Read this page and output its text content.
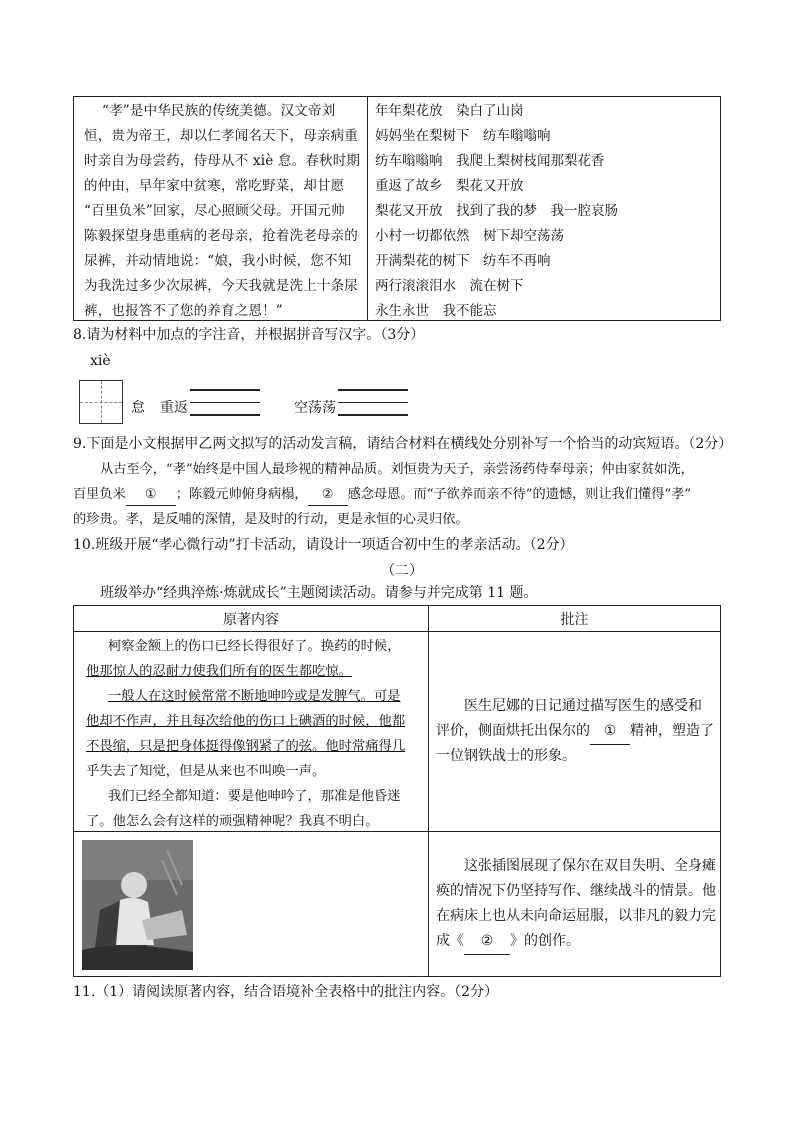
“孝”是中华民族的传统美德。汉文帝刘
恒，贵为帝王，却以仁孝闻名天下，母亲病重
时亲自为母尝药，侍母从不 xiè 怠。春秋时期
的仲由，早年家中贫寒，常吃野菜，却甘愿
“百里负米”回家，尽心照顾父母。开国元帅
陈毅探望身患重病的老母亲，抢着洗老母亲的
尿裤，并动情地说：“娘，我小时候，您不知
为我洗过多少次尿裤，今天我就是洗上十条尿
裤，也报答不了您的养育之恩！”
年年梨花放　染白了山岗
妈妈坐在梨树下　纺车嗡嗡响
纺车嗡嗡响　我爬上梨树枝闻那梨花香
重返了故乡　梨花又开放
梨花又开放　找到了我的梦　我一腔哀肠
小村一切都依然　树下却空荡荡
开满梨花的树下　纺车不再响
两行滚滚泪水　流在树下
永生永世　我不能忘
8.请为材料中加点的字注音，并根据拼音写汉字。（3分）
xiè
怠 重返	空荡荡
9.下面是小文根据甲乙两文拟写的活动发言稿，请结合材料在横线处分别补写一个恰当的动宾短语。（2分）
从古至今，“孝”始终是中国人最珍视的精神品质。刘恒贵为天子，亲尝汤药侍奉母亲；仲由家贫如洗，
百里负米 ① ；陈毅元帅俯身病榻， ② 感念母恩。而“子欲养而亲不待”的遗憾，则让我们懂得“孝”
的珍贵。孝，是反哺的深情，是及时的行动，更是永恒的心灵归依。
10.班级开展“孝心微行动”打卡活动，请设计一项适合初中生的孝亲活动。（2分）
（二）
班级举办“经典淬炼·炼就成长”主题阅读活动。请参与并完成第 11 题。
原著内容	批注
柯察金额上的伤口已经长得很好了。换药的时候，
他那惊人的忍耐力使我们所有的医生都吃惊。
一般人在这时候常常不断地呻吟或是发脾气。可是
他却不作声，并且每次给他的伤口上碘酒的时候，他都
不畏缩，只是把身体挺得像钢紧了的弦。他时常痛得几
乎失去了知觉，但是从来也不叫唤一声。
我们已经全都知道：要是他呻吟了，那准是他昏迷
了。他怎么会有这样的顽强精神呢？我真不明白。
医生尼娜的日记通过描写医生的感受和
评价，侧面烘托出保尔的 ① 精神，塑造了
一位钢铁战士的形象。
这张插图展现了保尔在双目失明、全身瘫
痪的情况下仍坚持写作、继续战斗的情景。他
在病床上也从未向命运屈服，以非凡的毅力完
成《 ② 》的创作。
11.（1）请阅读原著内容，结合语境补全表格中的批注内容。（2分）
